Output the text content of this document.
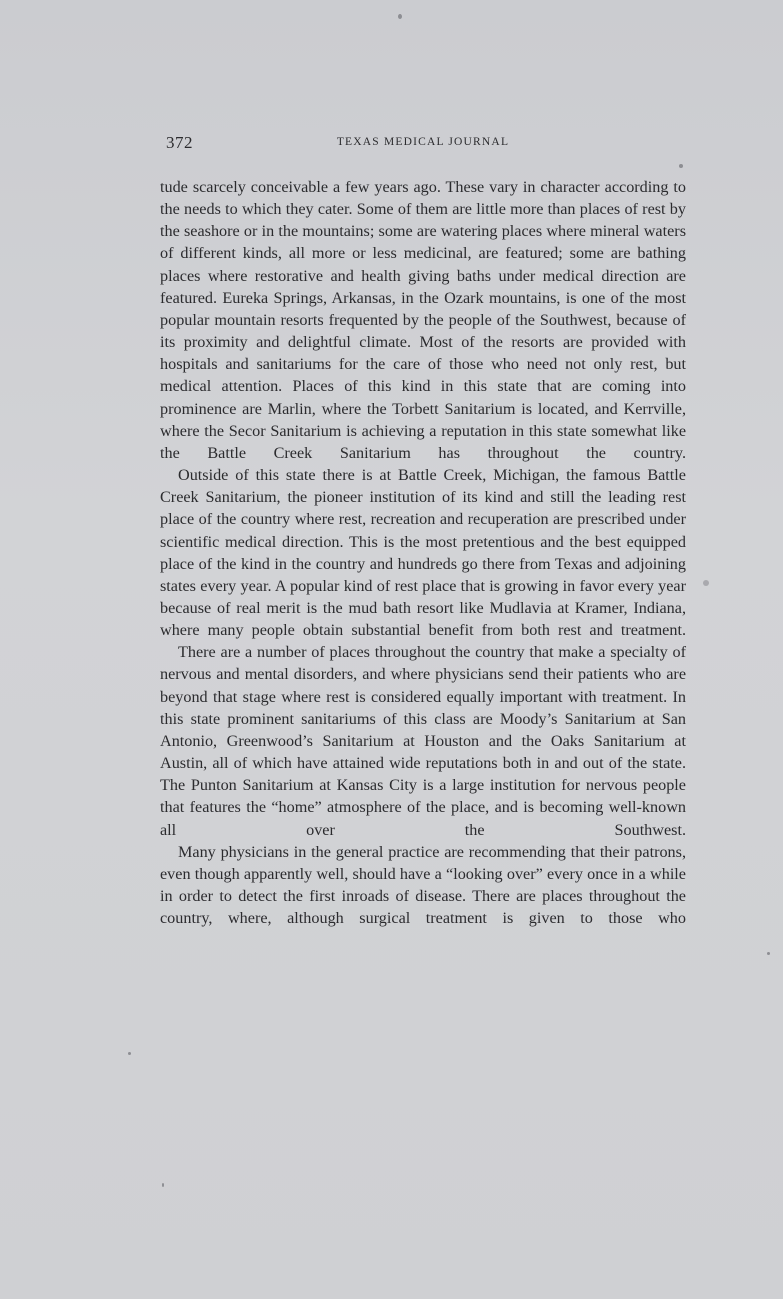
372	TEXAS MEDICAL JOURNAL

tude scarcely conceivable a few years ago. These vary in character according to the needs to which they cater. Some of them are little more than places of rest by the seashore or in the mountains; some are watering places where mineral waters of different kinds, all more or less medicinal, are featured; some are bathing places where restorative and health giving baths under medical direction are featured. Eureka Springs, Arkansas, in the Ozark mountains, is one of the most popular mountain resorts frequented by the people of the Southwest, because of its proximity and delightful climate. Most of the resorts are provided with hospitals and sanitariums for the care of those who need not only rest, but medical attention. Places of this kind in this state that are coming into prominence are Marlin, where the Torbett Sanitarium is located, and Kerrville, where the Secor Sanitarium is achieving a reputation in this state somewhat like the Battle Creek Sanitarium has throughout the country.

Outside of this state there is at Battle Creek, Michigan, the famous Battle Creek Sanitarium, the pioneer institution of its kind and still the leading rest place of the country where rest, recreation and recuperation are prescribed under scientific medical direction. This is the most pretentious and the best equipped place of the kind in the country and hundreds go there from Texas and adjoining states every year. A popular kind of rest place that is growing in favor every year because of real merit is the mud bath resort like Mudlavia at Kramer, Indiana, where many people obtain substantial benefit from both rest and treatment.

There are a number of places throughout the country that make a specialty of nervous and mental disorders, and where physicians send their patients who are beyond that stage where rest is considered equally important with treatment. In this state prominent sanitariums of this class are Moody’s Sanitarium at San Antonio, Greenwood’s Sanitarium at Houston and the Oaks Sanitarium at Austin, all of which have attained wide reputations both in and out of the state. The Punton Sanitarium at Kansas City is a large institution for nervous people that features the “home” atmosphere of the place, and is becoming well-known all over the Southwest.

Many physicians in the general practice are recommending that their patrons, even though apparently well, should have a “looking over” every once in a while in order to detect the first inroads of disease. There are places throughout the country, where, although surgical treatment is given to those who
